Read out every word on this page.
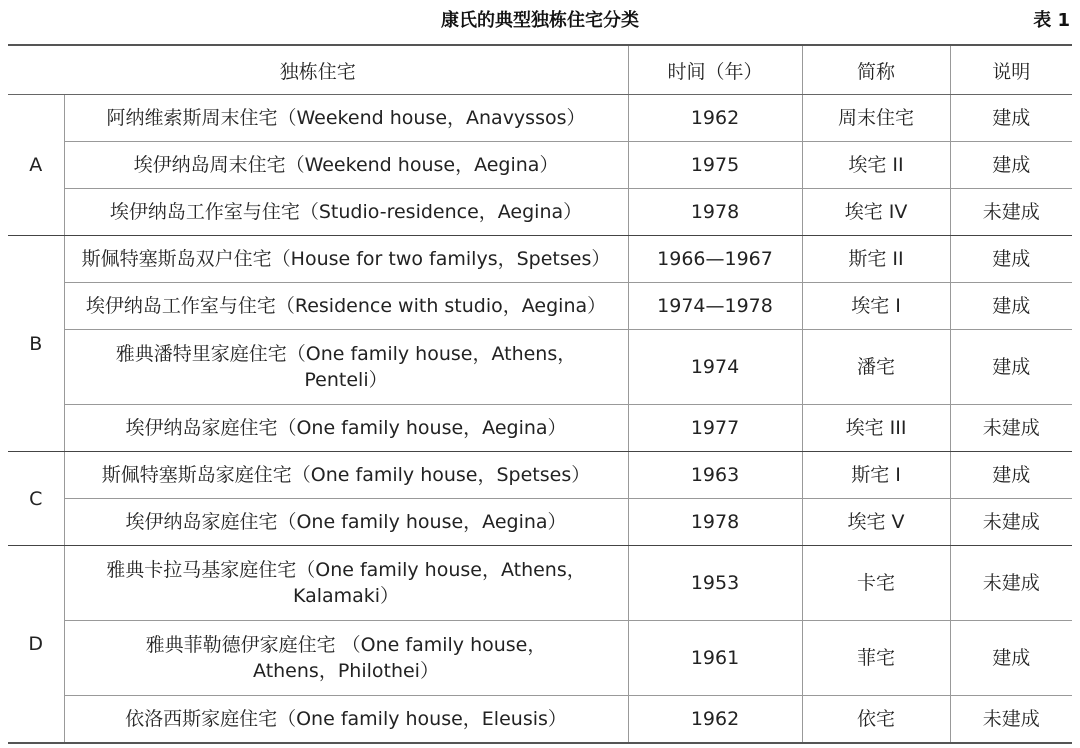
康氏的典型独栋住宅分类	表 1
独栋住宅		时间（年）	简称	说明
A	阿纳维索斯周末住宅（Weekend house，Anavyssos）	1962	周末住宅	建成
	埃伊纳岛周末住宅（Weekend house，Aegina）	1975	埃宅 II	建成
	埃伊纳岛工作室与住宅（Studio-residence，Aegina）	1978	埃宅 IV	未建成
B	斯佩特塞斯岛双户住宅（House for two familys，Spetses）	1966—1967	斯宅 II	建成
	埃伊纳岛工作室与住宅（Residence with studio，Aegina）	1974—1978	埃宅 I	建成
	雅典潘特里家庭住宅（One family house，Athens，Penteli）	1974	潘宅	建成
	埃伊纳岛家庭住宅（One family house，Aegina）	1977	埃宅 III	未建成
C	斯佩特塞斯岛家庭住宅（One family house，Spetses）	1963	斯宅 I	建成
	埃伊纳岛家庭住宅（One family house，Aegina）	1978	埃宅 V	未建成
D	雅典卡拉马基家庭住宅（One family house，Athens，Kalamaki）	1953	卡宅	未建成
	雅典菲勒德伊家庭住宅 （One family house，Athens，Philothei）	1961	菲宅	建成
	依洛西斯家庭住宅（One family house，Eleusis）	1962	依宅	未建成
